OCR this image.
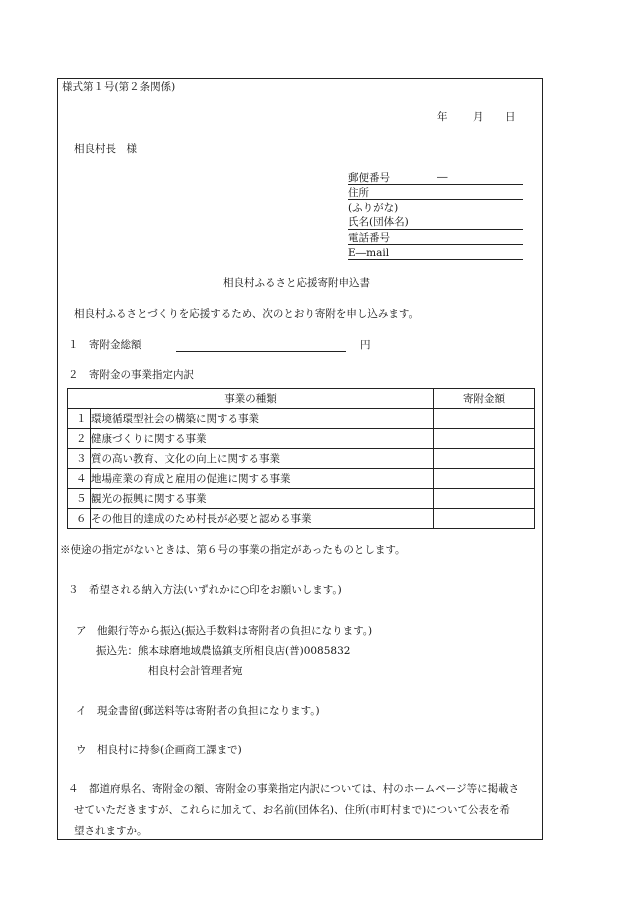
様式第１号(第２条関係)
年 月 日
相良村長　様
郵便番号	―
住所
(ふりがな)
氏名(団体名)
電話番号
E―mail
相良村ふるさと応援寄附申込書
相良村ふるさとづくりを応援するため、次のとおり寄附を申し込みます。
１　寄附金総額	円
２　寄附金の事業指定内訳
事業の種類		寄附金額
１	環境循環型社会の構築に関する事業	
２	健康づくりに関する事業	
３	質の高い教育、文化の向上に関する事業	
４	地場産業の育成と雇用の促進に関する事業	
５	観光の振興に関する事業	
６	その他目的達成のため村長が必要と認める事業	
※使途の指定がないときは、第６号の事業の指定があったものとします。
３　希望される納入方法(いずれかに○印をお願いします。)
ア　他銀行等から振込(振込手数料は寄附者の負担になります。)
振込先：熊本球磨地域農協鎮支所相良店(普)0085832
相良村会計管理者宛
イ　現金書留(郵送料等は寄附者の負担になります。)
ウ　相良村に持参(企画商工課まで)
４　都道府県名、寄附金の額、寄附金の事業指定内訳については、村のホームページ等に掲載さ
せていただきますが、これらに加えて、お名前(団体名)、住所(市町村まで)について公表を希
望されますか。
